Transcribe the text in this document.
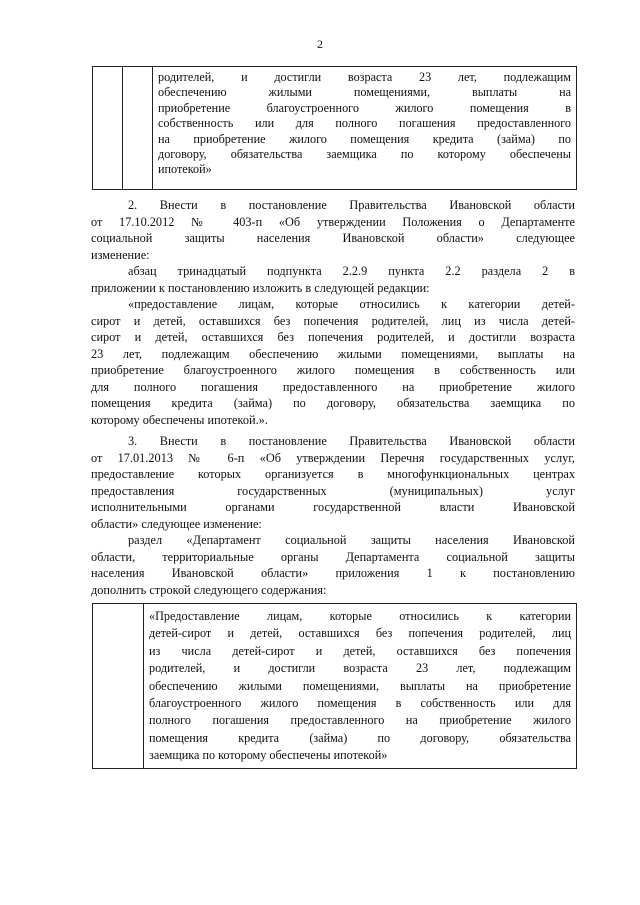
2
родителей, и достигли возраста 23 лет, подлежащим
обеспечению жилыми помещениями, выплаты на
приобретение благоустроенного жилого помещения в
собственность или для полного погашения предоставленного
на приобретение жилого помещения кредита (займа) по
договору, обязательства заемщика по которому обеспечены
ипотекой»
2. Внести в постановление Правительства Ивановской области
от 17.10.2012 № 403-п «Об утверждении Положения о Департаменте
социальной защиты населения Ивановской области» следующее
изменение:
абзац тринадцатый подпункта 2.2.9 пункта 2.2 раздела 2 в
приложении к постановлению изложить в следующей редакции:
«предоставление лицам, которые относились к категории детей-
сирот и детей, оставшихся без попечения родителей, лиц из числа детей-
сирот и детей, оставшихся без попечения родителей, и достигли возраста
23 лет, подлежащим обеспечению жилыми помещениями, выплаты на
приобретение благоустроенного жилого помещения в собственность или
для полного погашения предоставленного на приобретение жилого
помещения кредита (займа) по договору, обязательства заемщика по
которому обеспечены ипотекой.».
3. Внести в постановление Правительства Ивановской области
от 17.01.2013 № 6-п «Об утверждении Перечня государственных услуг,
предоставление которых организуется в многофункциональных центрах
предоставления государственных (муниципальных) услуг
исполнительными органами государственной власти Ивановской
области» следующее изменение:
раздел «Департамент социальной защиты населения Ивановской
области, территориальные органы Департамента социальной защиты
населения Ивановской области» приложения 1 к постановлению
дополнить строкой следующего содержания:
«Предоставление лицам, которые относились к категории
детей-сирот и детей, оставшихся без попечения родителей, лиц
из числа детей-сирот и детей, оставшихся без попечения
родителей, и достигли возраста 23 лет, подлежащим
обеспечению жилыми помещениями, выплаты на приобретение
благоустроенного жилого помещения в собственность или для
полного погашения предоставленного на приобретение жилого
помещения кредита (займа) по договору, обязательства
заемщика по которому обеспечены ипотекой»
